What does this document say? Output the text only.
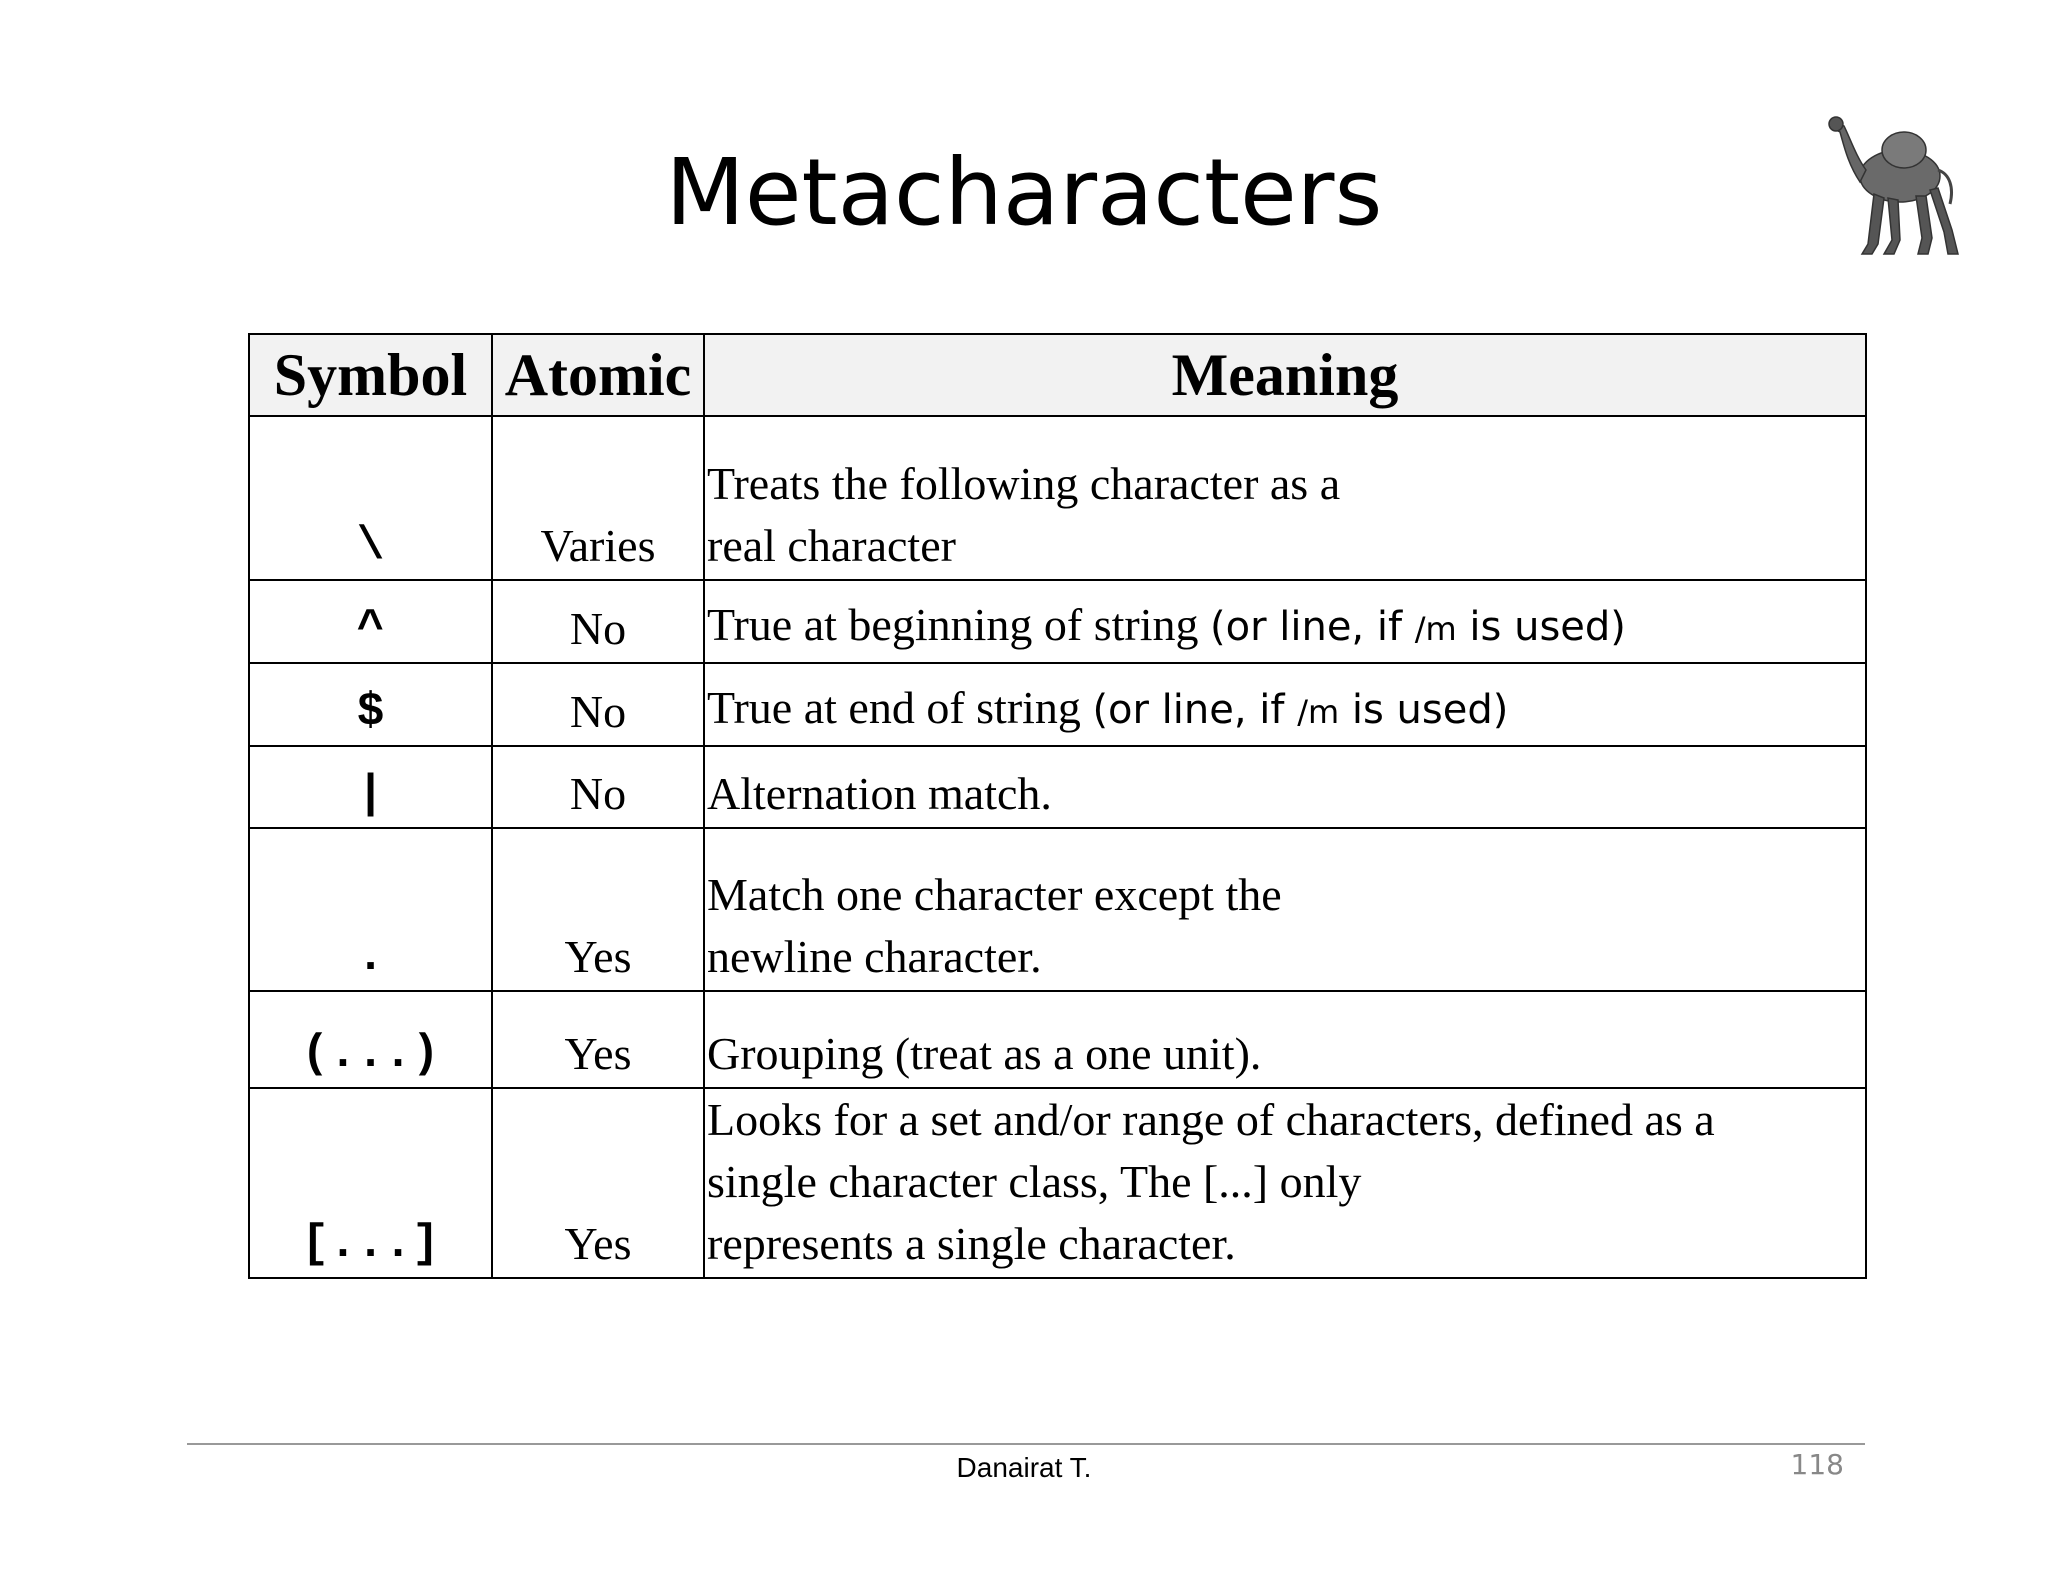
Metacharacters
Symbol	Atomic	Meaning
\	Varies	Treats the following character as a
real character

^	No	True at beginning of string (or line, if /m is used)
$	No	True at end of string (or line, if /m is used)
|	No	Alternation match.
.	Yes	Match one character except the
newline character.

(...)	Yes	Grouping (treat as a one unit).
[...]	Yes	Looks for a set and/or range of characters, defined as a
single character class, The [...] only
represents a single character.
Danairat T.	118
